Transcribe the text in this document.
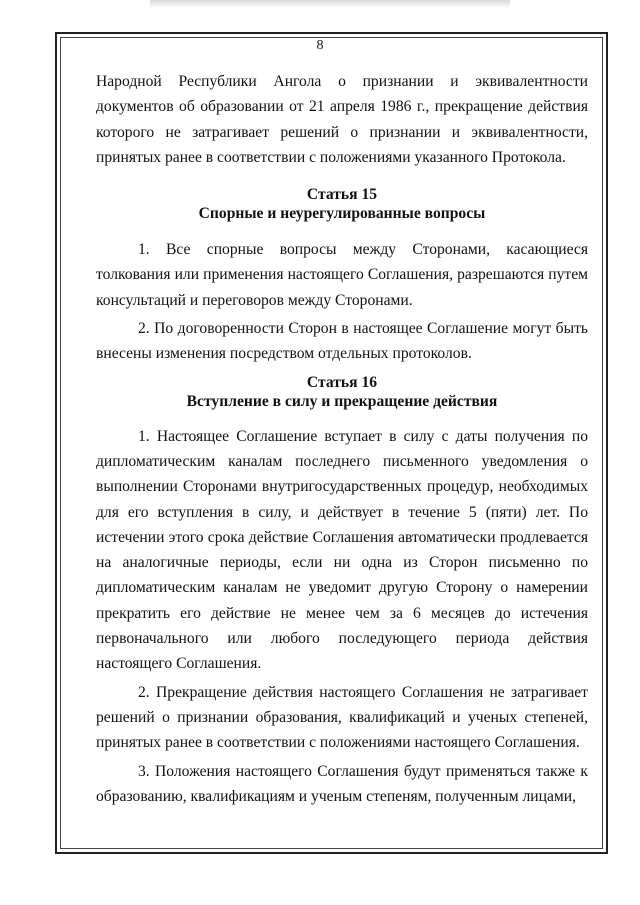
8

Народной Республики Ангола о признании и эквивалентности документов об образовании от 21 апреля 1986 г., прекращение действия которого не затрагивает решений о признании и эквивалентности, принятых ранее в соответствии с положениями указанного Протокола.

Статья 15

Спорные и неурегулированные вопросы

1. Все спорные вопросы между Сторонами, касающиеся толкования или применения настоящего Соглашения, разрешаются путем консультаций и переговоров между Сторонами.

2. По договоренности Сторон в настоящее Соглашение могут быть внесены изменения посредством отдельных протоколов.

Статья 16

Вступление в силу и прекращение действия

1. Настоящее Соглашение вступает в силу с даты получения по дипломатическим каналам последнего письменного уведомления о выполнении Сторонами внутригосударственных процедур, необходимых для его вступления в силу, и действует в течение 5 (пяти) лет. По истечении этого срока действие Соглашения автоматически продлевается на аналогичные периоды, если ни одна из Сторон письменно по дипломатическим каналам не уведомит другую Сторону о намерении прекратить его действие не менее чем за 6 месяцев до истечения первоначального или любого последующего периода действия настоящего Соглашения.

2. Прекращение действия настоящего Соглашения не затрагивает решений о признании образования, квалификаций и ученых степеней, принятых ранее в соответствии с положениями настоящего Соглашения.

3. Положения настоящего Соглашения будут применяться также к образованию, квалификациям и ученым степеням, полученным лицами,
